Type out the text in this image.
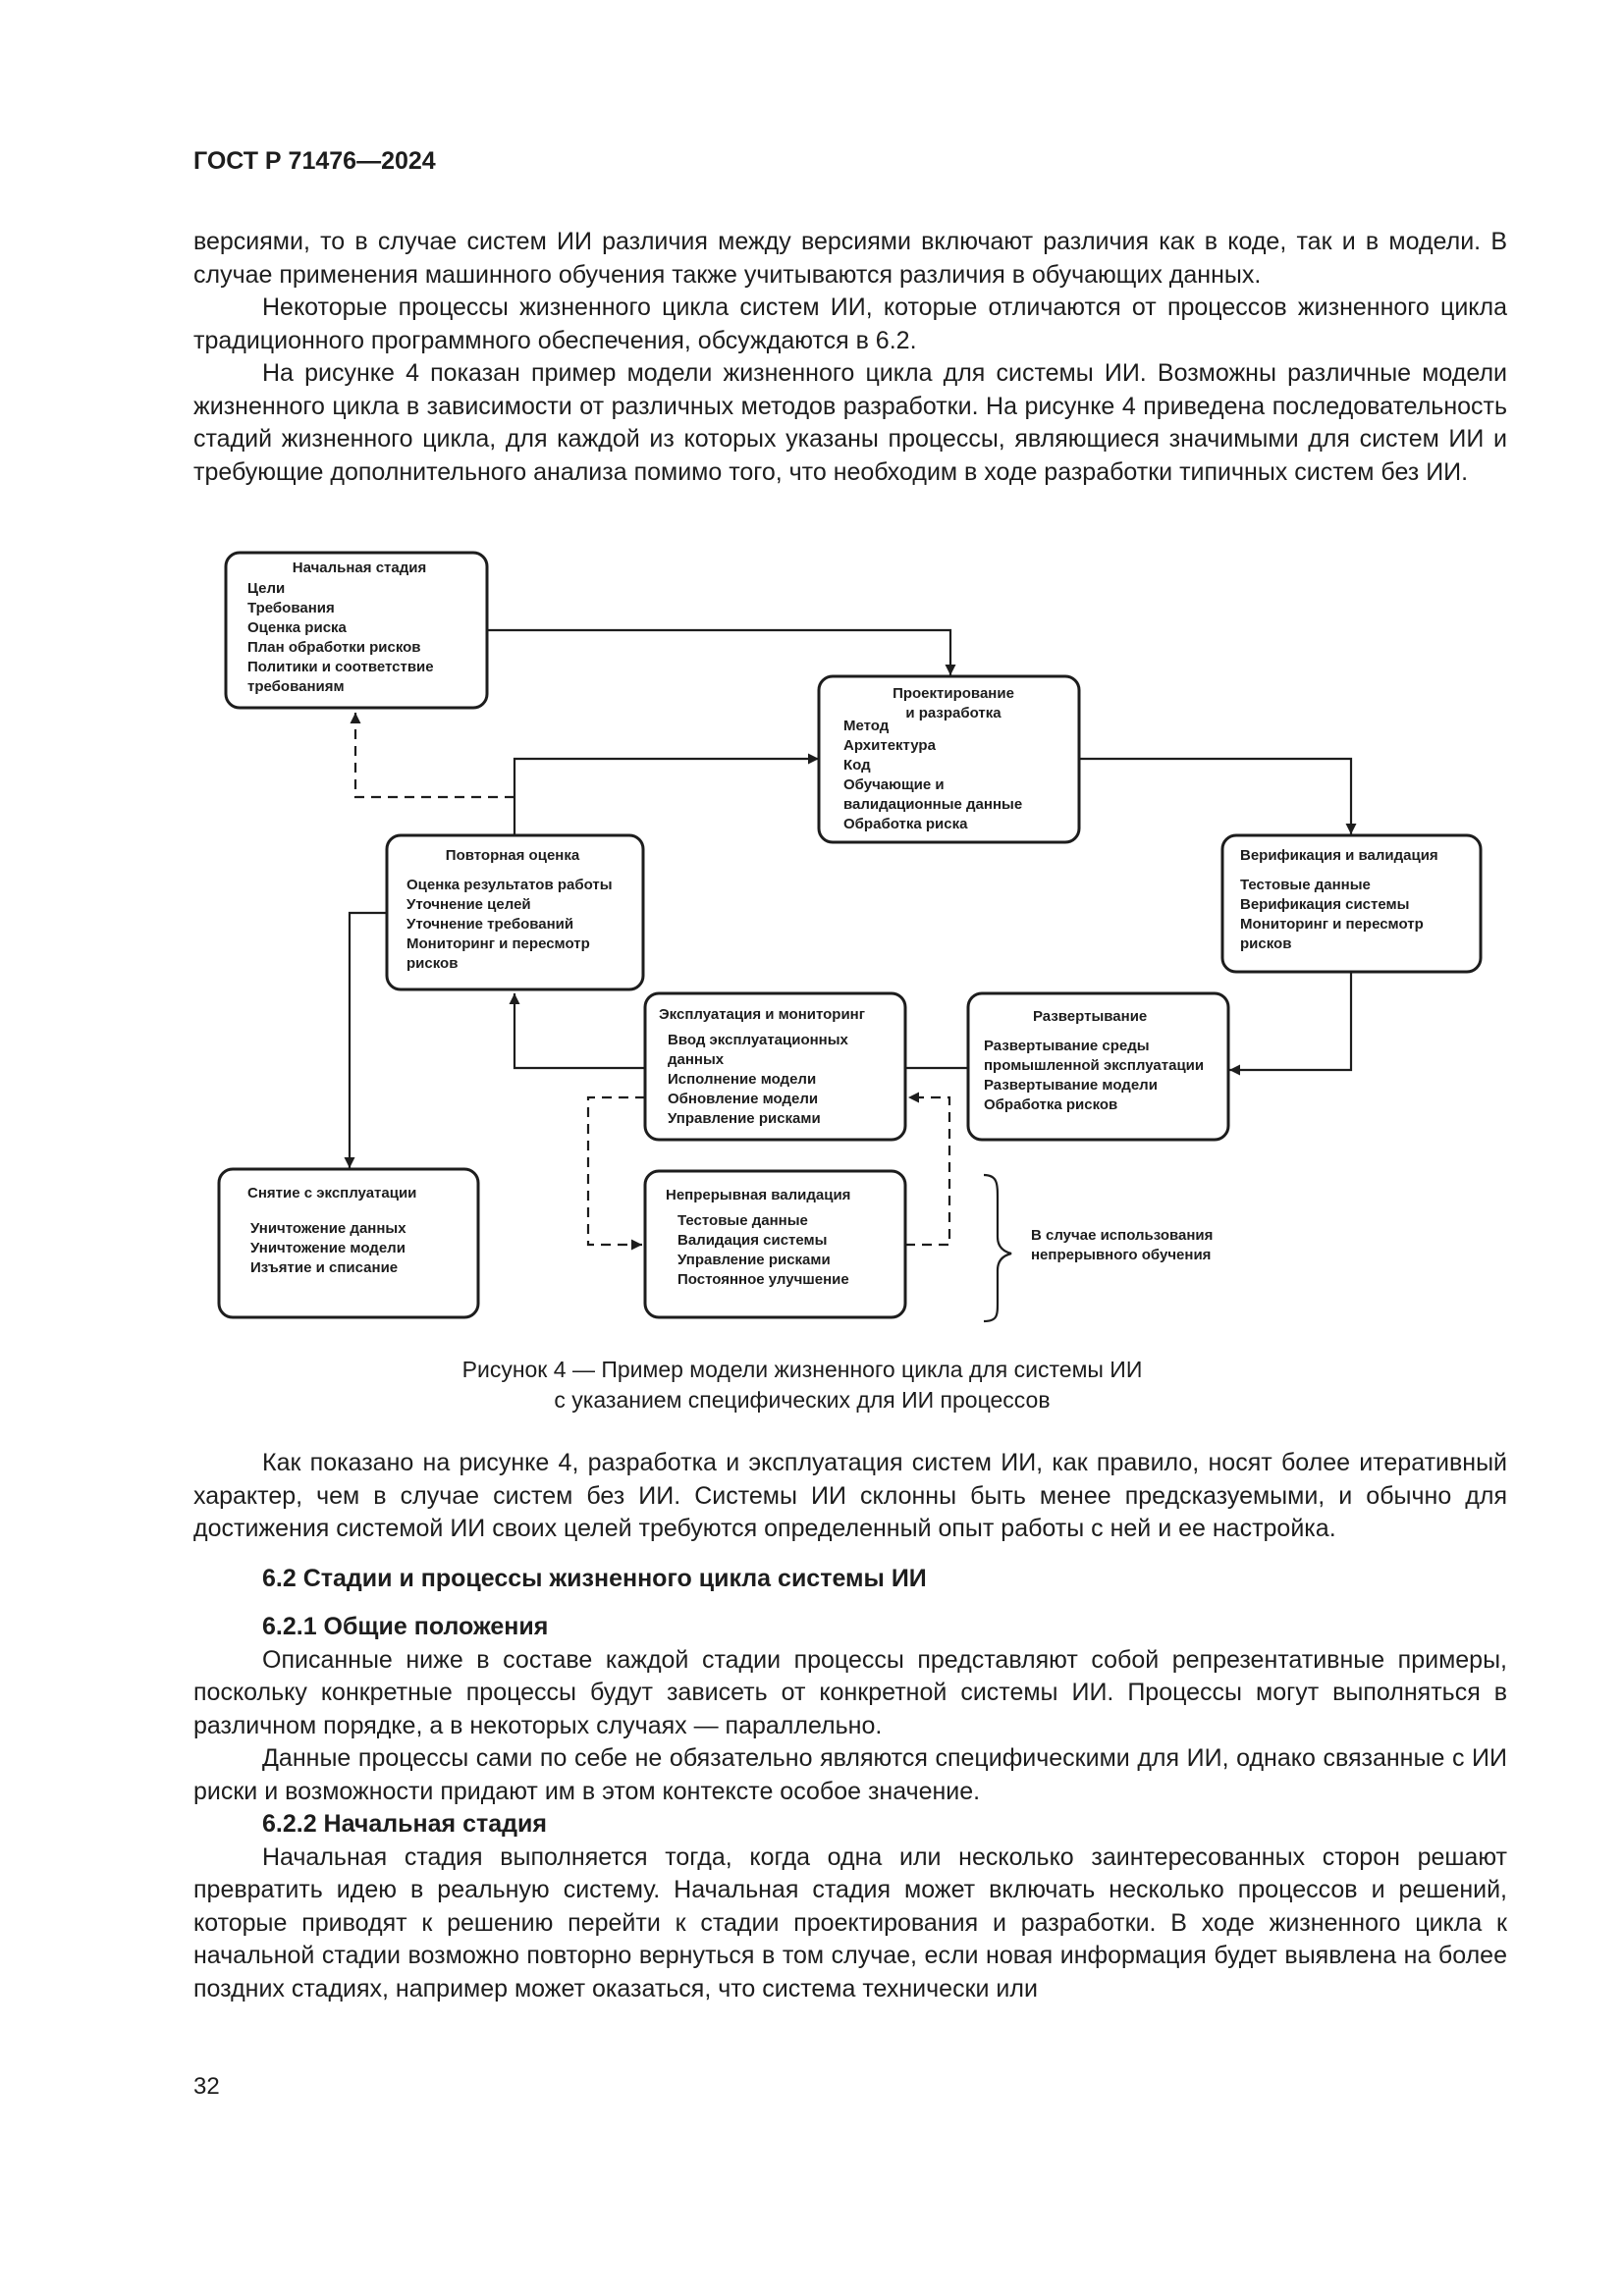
ГОСТ Р 71476—2024

версиями, то в случае систем ИИ различия между версиями включают различия как в коде, так и в модели. В случае применения машинного обучения также учитываются различия в обучающих данных.

Некоторые процессы жизненного цикла систем ИИ, которые отличаются от процессов жизненного цикла традиционного программного обеспечения, обсуждаются в 6.2.

На рисунке 4 показан пример модели жизненного цикла для системы ИИ. Возможны различные модели жизненного цикла в зависимости от различных методов разработки. На рисунке 4 приведена последовательность стадий жизненного цикла, для каждой из которых указаны процессы, являющиеся значимыми для систем ИИ и требующие дополнительного анализа помимо того, что необходим в ходе разработки типичных систем без ИИ.

Начальная стадия
Цели
Требования
Оценка риска
План обработки рисков
Политики и соответствие
требованиям	Проектирование
и разработка
Метод
Архитектура
Код
Обучающие и
валидационные данные
Обработка риска
Верификация и валидация
Тестовые данные
Верификация системы
Мониторинг и пересмотр
рисков
Повторная оценка
Оценка результатов работы
Уточнение целей
Уточнение требований
Мониторинг и пересмотр
рисков
Эксплуатация и мониторинг
Ввод эксплуатационных
данных
Исполнение модели
Обновление модели
Управление рисками
Развертывание
Развертывание среды
промышленной эксплуатации
Развертывание модели
Обработка рисков
Снятие с эксплуатации
Уничтожение данных
Уничтожение модели
Изъятие и списание
Непрерывная валидация
Тестовые данные
Валидация системы
Управление рисками
Постоянное улучшение
В случае использования
непрерывного обучения
Рисунок 4 — Пример модели жизненного цикла для системы ИИ
с указанием специфических для ИИ процессов

Как показано на рисунке 4, разработка и эксплуатация систем ИИ, как правило, носят более итеративный характер, чем в случае систем без ИИ. Системы ИИ склонны быть менее предсказуемыми, и обычно для достижения системой ИИ своих целей требуются определенный опыт работы с ней и ее настройка.

6.2 Стадии и процессы жизненного цикла системы ИИ
6.2.1 Общие положения

Описанные ниже в составе каждой стадии процессы представляют собой репрезентативные примеры, поскольку конкретные процессы будут зависеть от конкретной системы ИИ. Процессы могут выполняться в различном порядке, а в некоторых случаях — параллельно.

Данные процессы сами по себе не обязательно являются специфическими для ИИ, однако связанные с ИИ риски и возможности придают им в этом контексте особое значение.

6.2.2 Начальная стадия

Начальная стадия выполняется тогда, когда одна или несколько заинтересованных сторон решают превратить идею в реальную систему. Начальная стадия может включать несколько процессов и решений, которые приводят к решению перейти к стадии проектирования и разработки. В ходе жизненного цикла к начальной стадии возможно повторно вернуться в том случае, если новая информация будет выявлена на более поздних стадиях, например может оказаться, что система технически или

32
